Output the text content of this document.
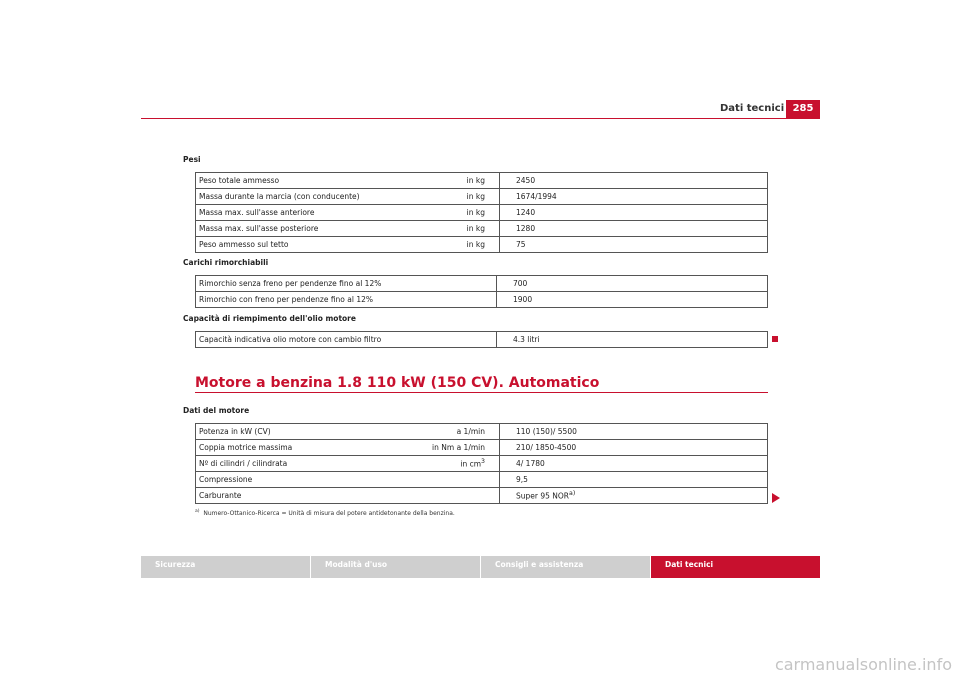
Dati tecnici 285
Pesi
Peso totale ammesso	in kg	2450
Massa durante la marcia (con conducente)	in kg	1674/1994
Massa max. sull'asse anteriore	in kg	1240
Massa max. sull'asse posteriore	in kg	1280
Peso ammesso sul tetto	in kg	75
Carichi rimorchiabili
Rimorchio senza freno per pendenze fino al 12%	700
Rimorchio con freno per pendenze fino al 12%	1900
Capacità di riempimento dell'olio motore
Capacità indicativa olio motore con cambio filtro	4.3 litri
Motore a benzina 1.8 110 kW (150 CV). Automatico
Dati del motore
Potenza in kW (CV)	a 1/min	110 (150)/ 5500
Coppia motrice massima	in Nm a 1/min	210/ 1850-4500
Nº di cilindri / cilindrata	in $cm^3$	4/ 1780
Compressione		9,5
Carburante		Super 95 NOR$^{a)}$
$^{a)}$ Numero-Ottanico-Ricerca = Unità di misura del potere antidetonante della benzina.
Sicurezza	Modalità d'uso	Consigli e assistenza	Dati tecnici
carmanualsonline.info
